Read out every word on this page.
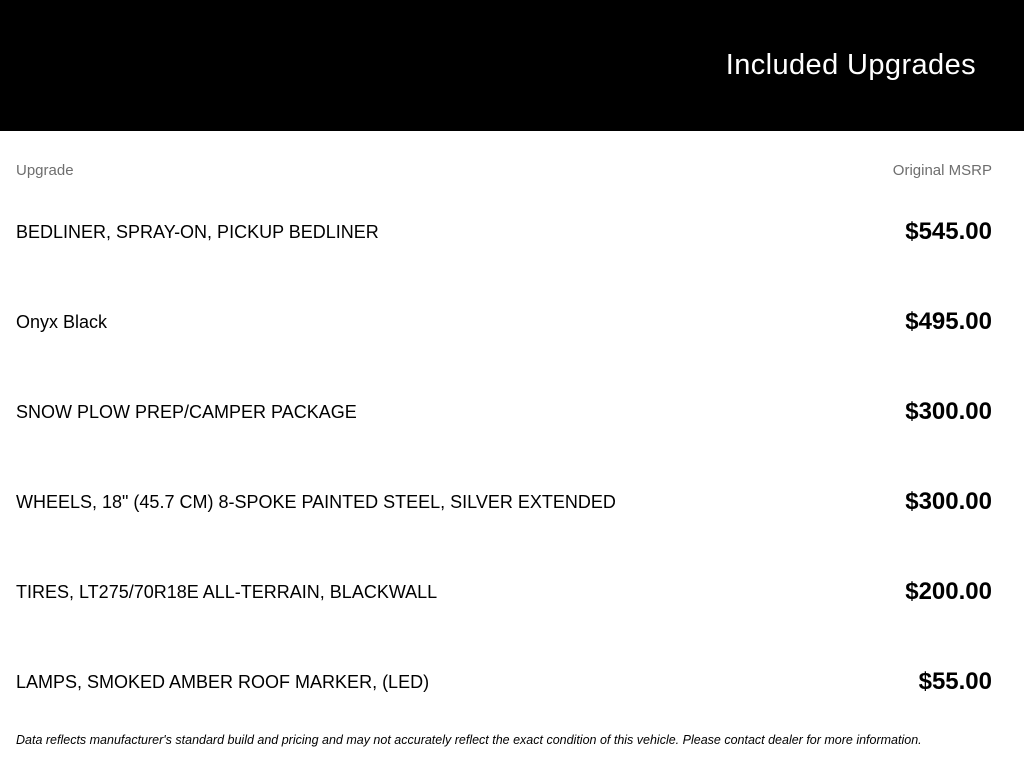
Included Upgrades
Upgrade	Original MSRP
BEDLINER, SPRAY-ON, PICKUP BEDLINER	$545.00
Onyx Black	$495.00
SNOW PLOW PREP/CAMPER PACKAGE	$300.00
WHEELS, 18" (45.7 CM) 8-SPOKE PAINTED STEEL, SILVER EXTENDED	$300.00
TIRES, LT275/70R18E ALL-TERRAIN, BLACKWALL	$200.00
LAMPS, SMOKED AMBER ROOF MARKER, (LED)	$55.00

Data reflects manufacturer's standard build and pricing and may not accurately reflect the exact condition of this vehicle. Please contact dealer for more information.
